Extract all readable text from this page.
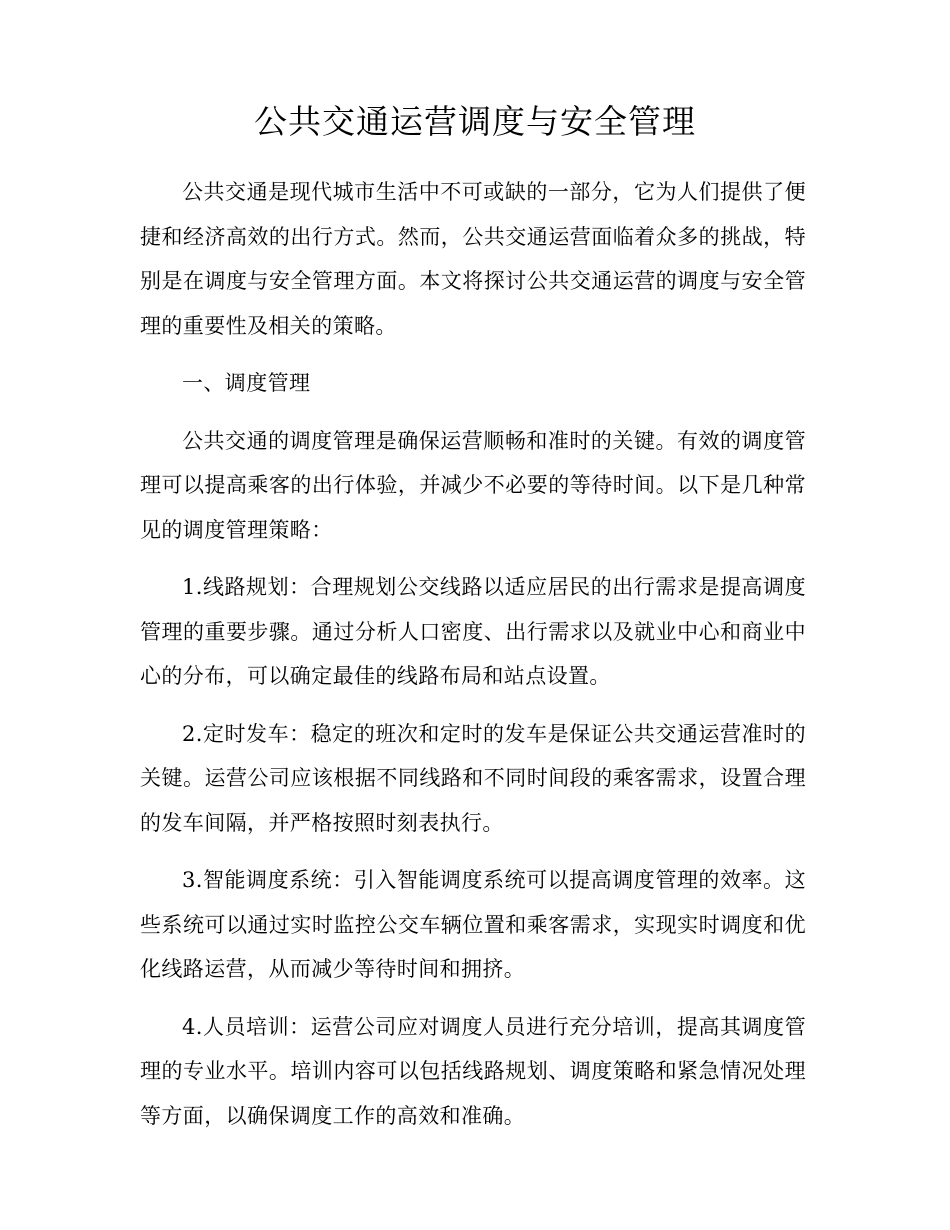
公共交通运营调度与安全管理

公共交通是现代城市生活中不可或缺的一部分，它为人们提供了便捷和经济高效的出行方式。然而，公共交通运营面临着众多的挑战，特别是在调度与安全管理方面。本文将探讨公共交通运营的调度与安全管理的重要性及相关的策略。

一、调度管理

公共交通的调度管理是确保运营顺畅和准时的关键。有效的调度管理可以提高乘客的出行体验，并减少不必要的等待时间。以下是几种常见的调度管理策略：

1.线路规划：合理规划公交线路以适应居民的出行需求是提高调度管理的重要步骤。通过分析人口密度、出行需求以及就业中心和商业中心的分布，可以确定最佳的线路布局和站点设置。

2.定时发车：稳定的班次和定时的发车是保证公共交通运营准时的关键。运营公司应该根据不同线路和不同时间段的乘客需求，设置合理的发车间隔，并严格按照时刻表执行。

3.智能调度系统：引入智能调度系统可以提高调度管理的效率。这些系统可以通过实时监控公交车辆位置和乘客需求，实现实时调度和优化线路运营，从而减少等待时间和拥挤。

4.人员培训：运营公司应对调度人员进行充分培训，提高其调度管理的专业水平。培训内容可以包括线路规划、调度策略和紧急情况处理等方面，以确保调度工作的高效和准确。
